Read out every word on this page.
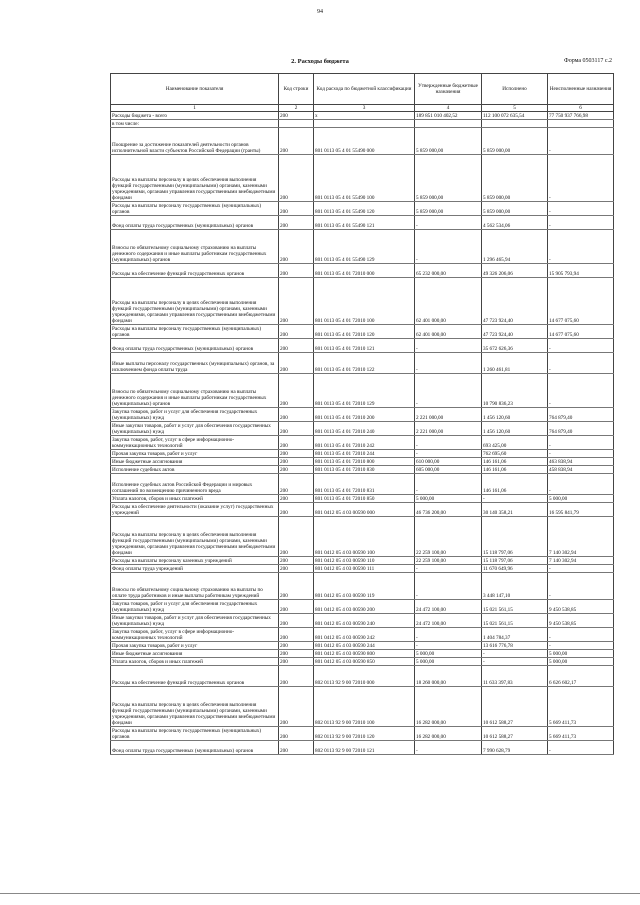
94
2. Расходы бюджета	Форма 0503117 с.2
Наименование показателя	Код строки	Код расхода по бюджетной классификации	Утвержденные бюджетные назначения	Исполнено	Неисполненные назначения
1	2	3	4	5	6
Расходы бюджета - всего	200	х	189 851 010 402,52	112 100 072 635,54	77 750 937 766,98
в том числе:					
Поощрение за достижение показателей деятельности органов исполнительной власти субъектов Российской Федерации (гранты)	200	801 0113 05 4 01 55490 000	5 859 000,00	5 859 000,00	-
Расходы на выплаты персоналу в целях обеспечения выполнения функций государственными (муниципальными) органами, казенными учреждениями, органами управления государственными внебюджетными фондами	200	801 0113 05 4 01 55490 100	5 859 000,00	5 859 000,00	-
Расходы на выплаты персоналу государственных (муниципальных) органов	200	801 0113 05 4 01 55490 120	5 859 000,00	5 859 000,00	-
Фонд оплаты труда государственных (муниципальных) органов	200	801 0113 05 4 01 55490 121	-	4 562 534,06	-
Взносы по обязательному социальному страхованию на выплаты денежного содержания и иные выплаты работникам государственных (муниципальных) органов	200	801 0113 05 4 01 55490 129	-	1 296 465,94	-
Расходы на обеспечение функций государственных органов	200	801 0113 05 4 01 72010 000	65 232 000,00	49 326 206,06	15 905 793,94
Расходы на выплаты персоналу в целях обеспечения выполнения функций государственными (муниципальными) органами, казенными учреждениями, органами управления государственными внебюджетными фондами	200	801 0113 05 4 01 72010 100	62 401 000,00	47 723 924,40	14 677 075,60
Расходы на выплаты персоналу государственных (муниципальных) органов	200	801 0113 05 4 01 72010 120	62 401 000,00	47 723 924,40	14 677 075,60
Фонд оплаты труда государственных (муниципальных) органов	200	801 0113 05 4 01 72010 121	-	35 672 626,36	-
Иные выплаты персоналу государственных (муниципальных) органов, за исключением фонда оплаты труда	200	801 0113 05 4 01 72010 122	-	1 260 461,81	-
Взносы по обязательному социальному страхованию на выплаты денежного содержания и иные выплаты работникам государственных (муниципальных) органов	200	801 0113 05 4 01 72010 129	-	10 790 836,23	-
Закупка товаров, работ и услуг для обеспечения государственных (муниципальных) нужд	200	801 0113 05 4 01 72010 200	2 221 000,00	1 456 120,60	764 879,40
Иные закупки товаров, работ и услуг для обеспечения государственных (муниципальных) нужд	200	801 0113 05 4 01 72010 240	2 221 000,00	1 456 120,60	764 879,40
Закупка товаров, работ, услуг в сфере информационно-коммуникационных технологий	200	801 0113 05 4 01 72010 242	-	693 425,00	-
Прочая закупка товаров, работ и услуг	200	801 0113 05 4 01 72010 244	-	762 695,60	-
Иные бюджетные ассигнования	200	801 0113 05 4 01 72010 800	610 000,00	146 161,06	463 838,94
Исполнение судебных актов	200	801 0113 05 4 01 72010 830	605 000,00	146 161,06	458 838,94
Исполнение судебных актов Российской Федерации и мировых соглашений по возмещению причиненного вреда	200	801 0113 05 4 01 72010 831	-	146 161,06	-
Уплата налогов, сборов и иных платежей	200	801 0113 05 4 01 72010 850	5 000,00	-	5 000,00
Расходы на обеспечение деятельности (оказание услуг) государственных учреждений	200	801 0412 05 4 03 00590 000	46 736 200,00	30 140 358,21	16 595 841,79
Расходы на выплаты персоналу в целях обеспечения выполнения функций государственными (муниципальными) органами, казенными учреждениями, органами управления государственными внебюджетными фондами	200	801 0412 05 4 03 00590 100	22 259 100,00	15 118 797,06	7 140 302,94
Расходы на выплаты персоналу казенных учреждений	200	801 0412 05 4 03 00590 110	22 259 100,00	15 118 797,06	7 140 302,94
Фонд оплаты труда учреждений	200	801 0412 05 4 03 00590 111	-	11 670 649,96	-
Взносы по обязательному социальному страхованию на выплаты по оплате труда работников и иные выплаты работникам учреждений	200	801 0412 05 4 03 00590 119	-	3 448 147,10	-
Закупка товаров, работ и услуг для обеспечения государственных (муниципальных) нужд	200	801 0412 05 4 03 00590 200	24 472 100,00	15 021 561,15	9 450 538,85
Иные закупки товаров, работ и услуг для обеспечения государственных (муниципальных) нужд	200	801 0412 05 4 03 00590 240	24 472 100,00	15 021 561,15	9 450 538,85
Закупка товаров, работ, услуг в сфере информационно-коммуникационных технологий	200	801 0412 05 4 03 00590 242	-	1 404 784,37	-
Прочая закупка товаров, работ и услуг	200	801 0412 05 4 03 00590 244	-	13 616 776,78	-
Иные бюджетные ассигнования	200	801 0412 05 4 03 00590 800	5 000,00	-	5 000,00
Уплата налогов, сборов и иных платежей	200	801 0412 05 4 03 00590 850	5 000,00	-	5 000,00
Расходы на обеспечение функций государственных органов	200	802 0113 92 9 00 72010 000	18 260 000,00	11 633 397,83	6 626 602,17
Расходы на выплаты персоналу в целях обеспечения выполнения функций государственными (муниципальными) органами, казенными учреждениями, органами управления государственными внебюджетными фондами	200	802 0113 92 9 00 72010 100	16 282 000,00	10 612 588,27	5 669 411,73
Расходы на выплаты персоналу государственных (муниципальных) органов	200	802 0113 92 9 00 72010 120	16 282 000,00	10 612 588,27	5 669 411,73
Фонд оплаты труда государственных (муниципальных) органов	200	802 0113 92 9 00 72010 121	-	7 990 628,79	-
